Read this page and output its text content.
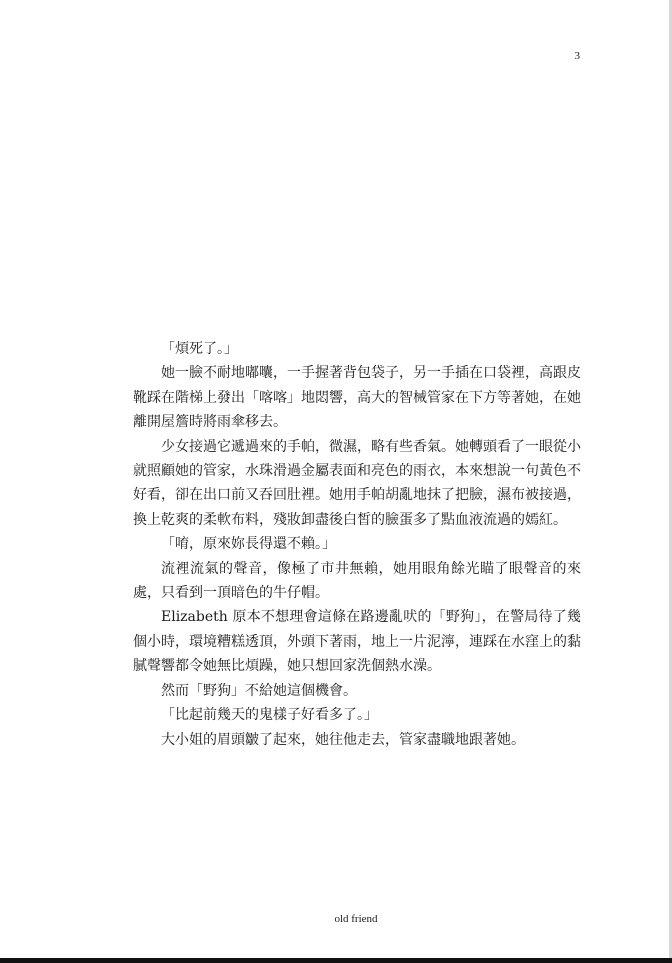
3

「煩死了。」

她一臉不耐地嘟囔，一手握著背包袋子，另一手插在口袋裡，高跟皮靴踩在階梯上發出「喀喀」地悶響，高大的智械管家在下方等著她，在她離開屋簷時將雨傘移去。

少女接過它遞過來的手帕，微濕，略有些香氣。她轉頭看了一眼從小就照顧她的管家，水珠滑過金屬表面和亮色的雨衣，本來想說一句黃色不好看，卻在出口前又吞回肚裡。她用手帕胡亂地抹了把臉，濕布被接過，換上乾爽的柔軟布料，殘妝卸盡後白皙的臉蛋多了點血液流過的嫣紅。

「唷，原來妳長得還不賴。」

流裡流氣的聲音，像極了市井無賴，她用眼角餘光瞄了眼聲音的來處，只看到一頂暗色的牛仔帽。

Elizabeth 原本不想理會這條在路邊亂吠的「野狗」，在警局待了幾個小時，環境糟糕透頂，外頭下著雨，地上一片泥濘，連踩在水窪上的黏膩聲響都令她無比煩躁，她只想回家洗個熱水澡。

然而「野狗」不給她這個機會。

「比起前幾天的鬼樣子好看多了。」

大小姐的眉頭皺了起來，她往他走去，管家盡職地跟著她。

old friend
